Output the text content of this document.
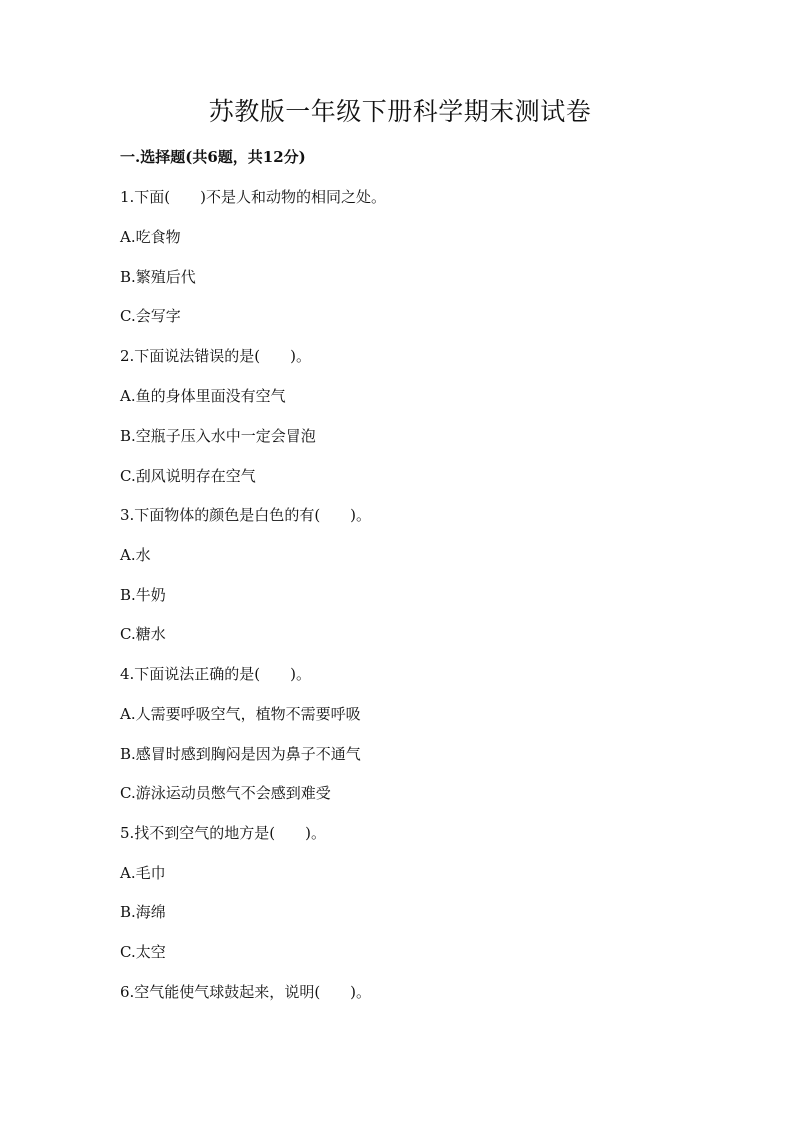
苏教版一年级下册科学期末测试卷
一.选择题(共6题，共12分)
1.下面(　　)不是人和动物的相同之处。
A.吃食物
B.繁殖后代
C.会写字
2.下面说法错误的是(　　)。
A.鱼的身体里面没有空气
B.空瓶子压入水中一定会冒泡
C.刮风说明存在空气
3.下面物体的颜色是白色的有(　　)。
A.水
B.牛奶
C.糖水
4.下面说法正确的是(　　)。
A.人需要呼吸空气，植物不需要呼吸
B.感冒时感到胸闷是因为鼻子不通气
C.游泳运动员憋气不会感到难受
5.找不到空气的地方是(　　)。
A.毛巾
B.海绵
C.太空
6.空气能使气球鼓起来，说明(　　)。
